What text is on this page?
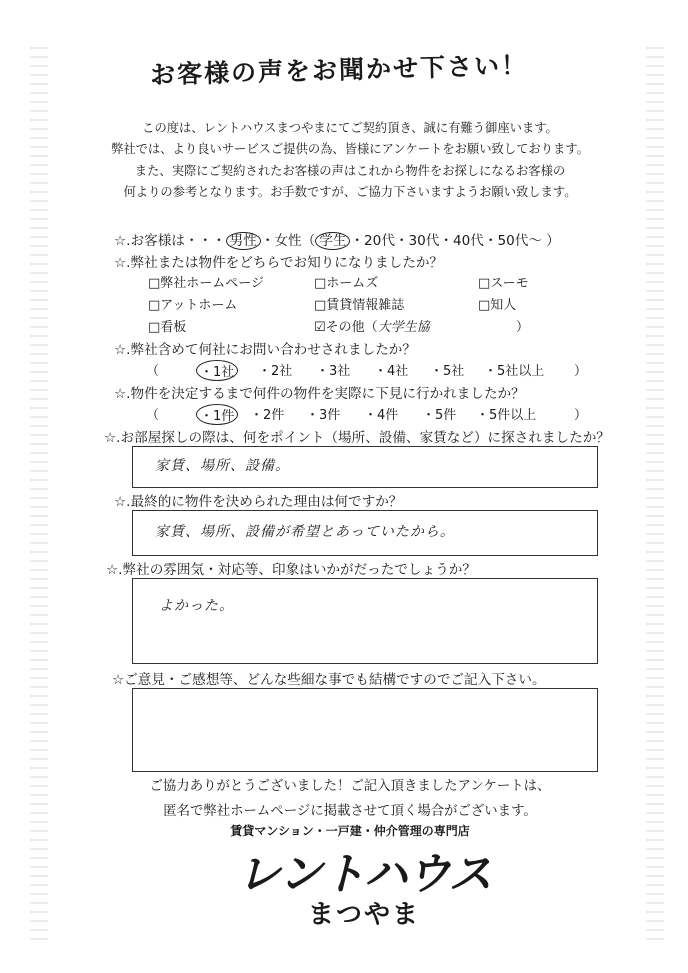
お客様の声をお聞かせ下さい！
この度は、レントハウスまつやまにてご契約頂き、誠に有難う御座います。
弊社では、より良いサービスご提供の為、皆様にアンケートをお願い致しております。
また、実際にご契約されたお客様の声はこれから物件をお探しになるお客様の
何よりの参考となります。お手数ですが、ご協力下さいますようお願い致します。
☆.お客様は・・・ 男性 ・女性（ 学生 ・20代・30代・40代・50代～ ）
☆.弊社または物件をどちらでお知りになりましたか？
□弊社ホームページ	□ホームズ	□スーモ
□アットホーム	□賃貸情報雑誌	□知人
□看板	☑その他（大学生協	）
☆.弊社含めて何社にお問い合わせされましたか？
（	・1社	・2社 ・3社 ・4社 ・5社 ・5社以上 ）
☆.物件を決定するまで何件の物件を実際に下見に行かれましたか？
（	・1件	・2件 ・3件 ・4件 ・5件 ・5件以上	）
☆.お部屋探しの際は、何をポイント（場所、設備、家賃など）に探されましたか？
家賃、場所、設備。
☆.最終的に物件を決められた理由は何ですか？
家賃、場所、設備が希望とあっていたから。
☆.弊社の雰囲気・対応等、印象はいかがだったでしょうか？
よかった。
☆ご意見・ご感想等、どんな些細な事でも結構ですのでご記入下さい。
ご協力ありがとうございました！ご記入頂きましたアンケートは、
匿名で弊社ホームページに掲載させて頂く場合がございます。
賃貸マンション・一戸建・仲介管理の専門店
レントハウス
まつやま
